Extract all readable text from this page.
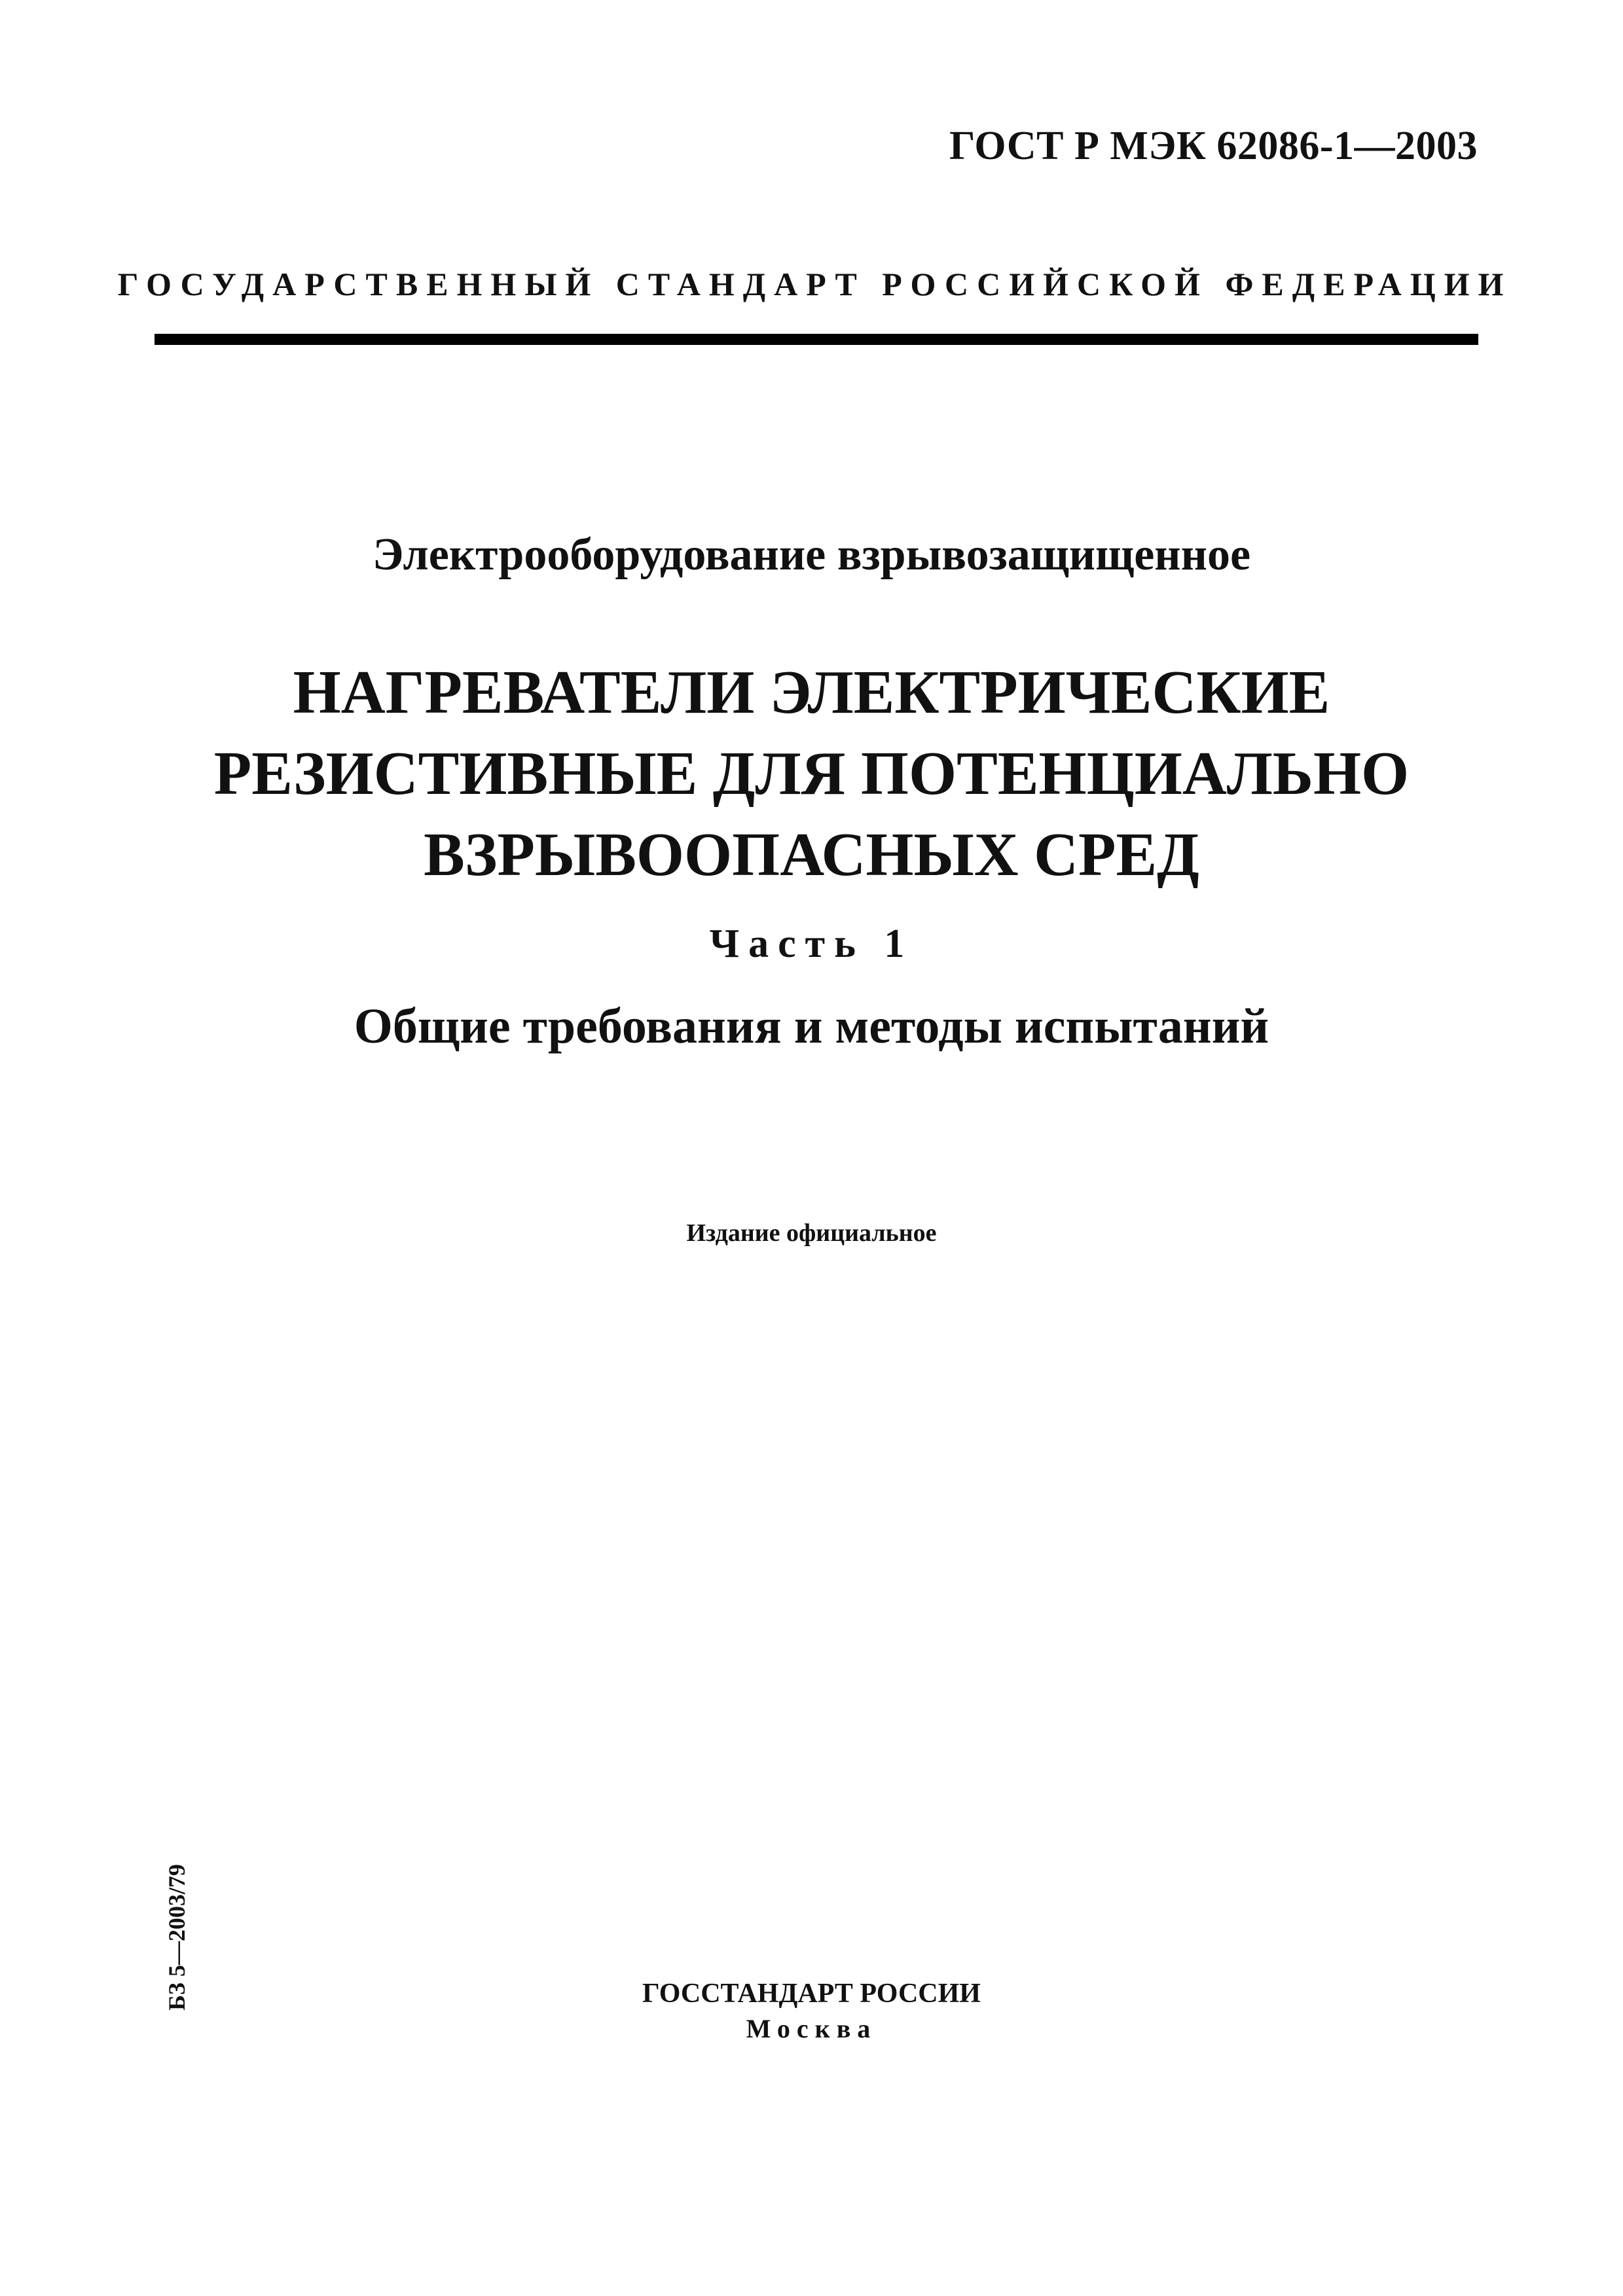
ГОСТ Р МЭК 62086-1—2003
ГОСУДАРСТВЕННЫЙ СТАНДАРТ РОССИЙСКОЙ ФЕДЕРАЦИИ
Электрооборудование взрывозащищенное
НАГРЕВАТЕЛИ ЭЛЕКТРИЧЕСКИЕ
РЕЗИСТИВНЫЕ ДЛЯ ПОТЕНЦИАЛЬНО
ВЗРЫВООПАСНЫХ СРЕД
Часть 1
Общие требования и методы испытаний
Издание официальное
БЗ 5—2003/79	ГОССТАНДАРТ РОССИИ
Москва
